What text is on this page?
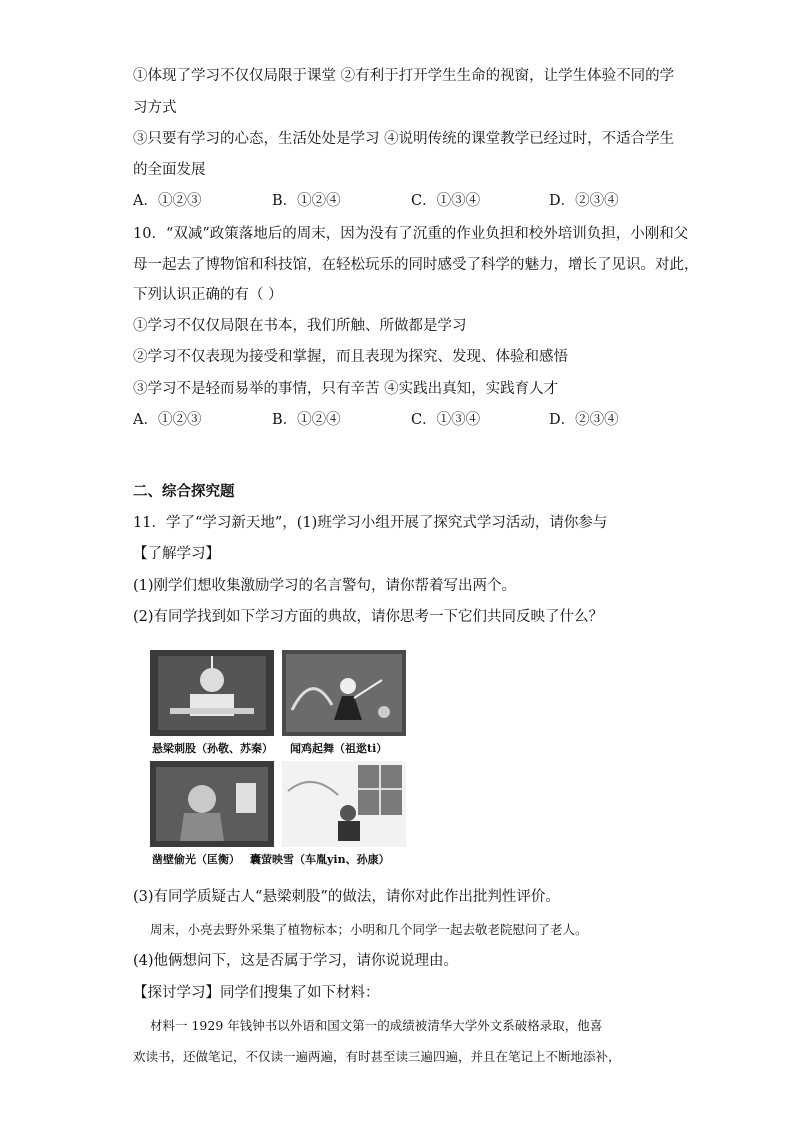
①体现了学习不仅仅局限于课堂 ②有利于打开学生生命的视窗，让学生体验不同的学
习方式
③只要有学习的心态，生活处处是学习 ④说明传统的课堂教学已经过时，不适合学生
的全面发展
A．①②③	B．①②④	C．①③④	D．②③④
10．“双减”政策落地后的周末，因为没有了沉重的作业负担和校外培训负担，小刚和父
母一起去了博物馆和科技馆，在轻松玩乐的同时感受了科学的魅力，增长了见识。对此，
下列认识正确的有（ ）
①学习不仅仅局限在书本，我们所触、所做都是学习
②学习不仅表现为接受和掌握，而且表现为探究、发现、体验和感悟
③学习不是轻而易举的事情，只有辛苦 ④实践出真知，实践育人才
A．①②③	B．①②④	C．①③④	D．②③④
二、综合探究题
11．学了“学习新天地”，(1)班学习小组开展了探究式学习活动，请你参与
【了解学习】
(1)刚学们想收集激励学习的名言警句，请你帮着写出两个。
(2)有同学找到如下学习方面的典故，请你思考一下它们共同反映了什么？
悬梁刺股（孙敬、苏秦） 闻鸡起舞（祖逖ti）
凿壁偷光（匡衡） 囊萤映雪（车胤yin、孙康）
(3)有同学质疑古人“悬梁刺股”的做法，请你对此作出批判性评价。
周末，小亮去野外采集了植物标本；小明和几个同学一起去敬老院慰问了老人。
(4)他俩想问下，这是否属于学习，请你说说理由。
【探讨学习】同学们搜集了如下材料：
材料一 1929 年钱钟书以外语和国文第一的成绩被清华大学外文系破格录取，他喜
欢读书，还做笔记，不仅读一遍两遍，有时甚至读三遍四遍，并且在笔记上不断地添补，
